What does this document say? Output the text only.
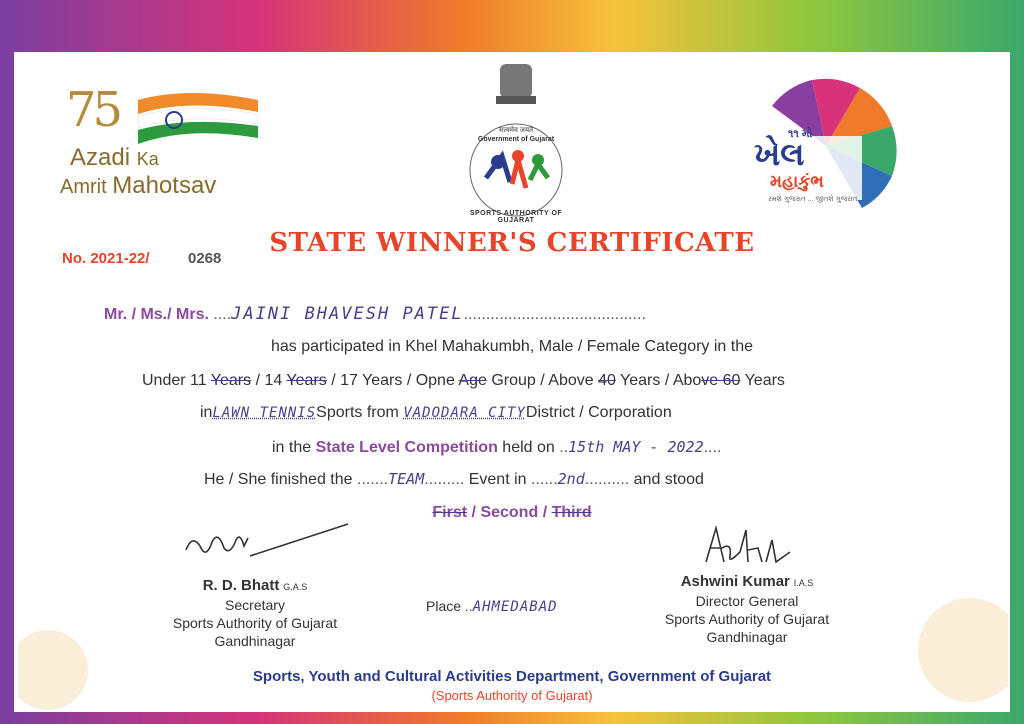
75
Azadi Ka
Amrit Mahotsav
सत्यमेव जयते
Government of Gujarat
SPORTS AUTHORITY OF GUJARAT
૧૧ મો
ખેલ
મહાકુંભ
રમશે ગુજરાત ... જીતશે ગુજરાત...
No. 2021-22/	0268
STATE WINNER'S CERTIFICATE
Mr. / Ms./ Mrs. ....JAINI BHAVESH PATEL.........................................
has participated in Khel Mahakumbh, Male / Female Category in the
Under 11 Years / 14 Years / 17 Years / Opne Age Group / Above 40 Years / Above 60 Years
inLAWN TENNISSports from VADODARA CITYDistrict / Corporation
in the State Level Competition held on ..15th MAY - 2022....
He / She finished the .......TEAM......... Event in ......2nd.......... and stood
First / Second / Third
R. D. Bhatt G.A.S
Secretary
Sports Authority of Gujarat
Gandhinagar
Place ..AHMEDABAD
Ashwini Kumar I.A.S
Director General
Sports Authority of Gujarat
Gandhinagar
Sports, Youth and Cultural Activities Department, Government of Gujarat
(Sports Authority of Gujarat)
